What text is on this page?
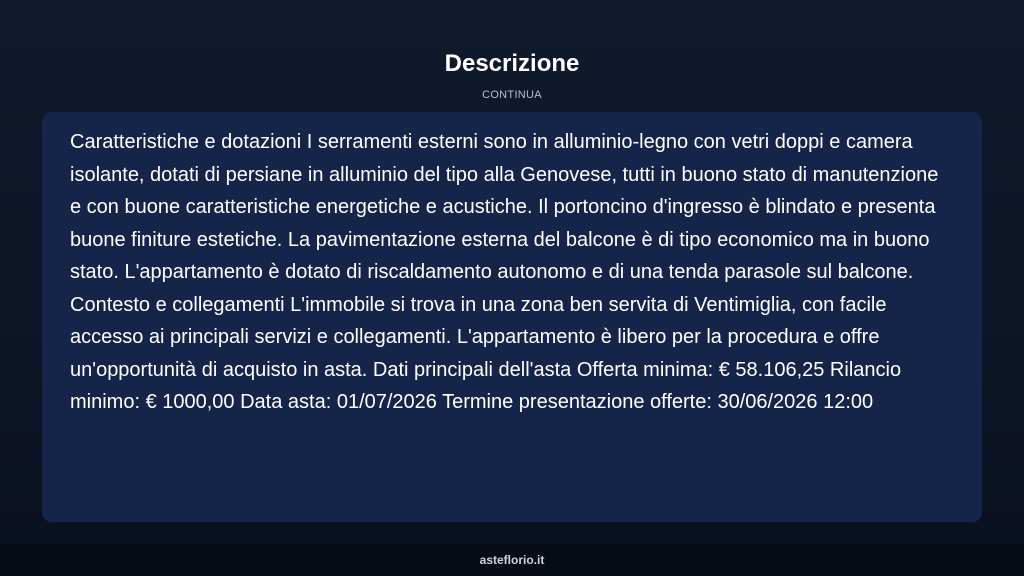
Descrizione
CONTINUA

Caratteristiche e dotazioni I serramenti esterni sono in alluminio-legno con vetri doppi e camera isolante, dotati di persiane in alluminio del tipo alla Genovese, tutti in buono stato di manutenzione e con buone caratteristiche energetiche e acustiche. Il portoncino d'ingresso è blindato e presenta buone finiture estetiche. La pavimentazione esterna del balcone è di tipo economico ma in buono stato. L'appartamento è dotato di riscaldamento autonomo e di una tenda parasole sul balcone. Contesto e collegamenti L'immobile si trova in una zona ben servita di Ventimiglia, con facile accesso ai principali servizi e collegamenti. L'appartamento è libero per la procedura e offre un'opportunità di acquisto in asta. Dati principali dell'asta Offerta minima: € 58.106,25 Rilancio minimo: € 1000,00 Data asta: 01/07/2026 Termine presentazione offerte: 30/06/2026 12:00

asteflorio.it
